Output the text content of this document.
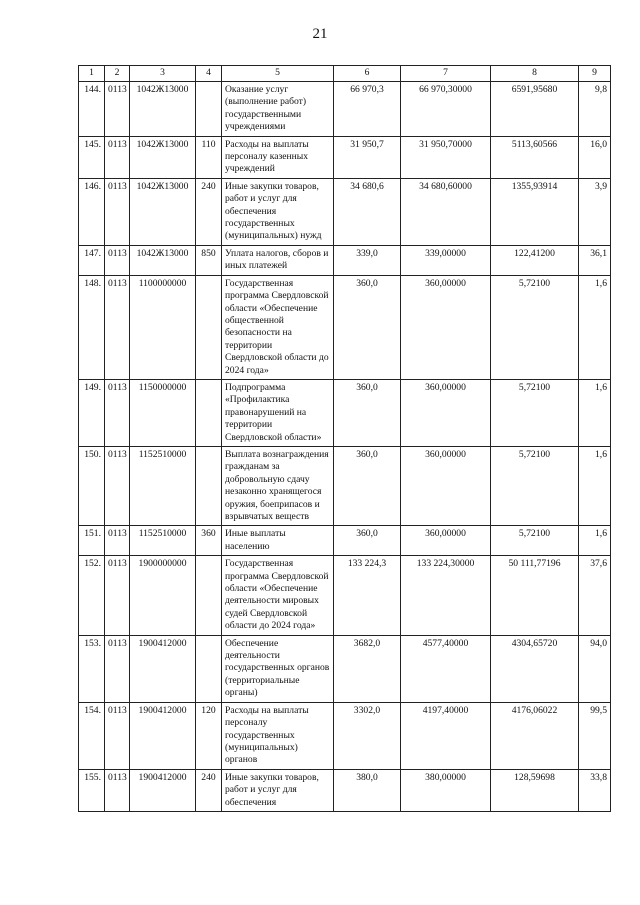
21
1	2	3	4	5	6	7	8	9
144.	0113	1042Ж13000		Оказание услуг (выполнение работ) государственными учреждениями	66 970,3	66 970,30000	6591,95680	9,8
145.	0113	1042Ж13000	110	Расходы на выплаты персоналу казенных учреждений	31 950,7	31 950,70000	5113,60566	16,0
146.	0113	1042Ж13000	240	Иные закупки товаров, работ и услуг для обеспечения государственных (муниципальных) нужд	34 680,6	34 680,60000	1355,93914	3,9
147.	0113	1042Ж13000	850	Уплата налогов, сборов и иных платежей	339,0	339,00000	122,41200	36,1
148.	0113	1100000000		Государственная программа Свердловской области «Обеспечение общественной безопасности на территории Свердловской области до 2024 года»	360,0	360,00000	5,72100	1,6
149.	0113	1150000000		Подпрограмма «Профилактика правонарушений на территории Свердловской области»	360,0	360,00000	5,72100	1,6
150.	0113	1152510000		Выплата вознаграждения гражданам за добровольную сдачу незаконно хранящегося оружия, боеприпасов и взрывчатых веществ	360,0	360,00000	5,72100	1,6
151.	0113	1152510000	360	Иные выплаты населению	360,0	360,00000	5,72100	1,6
152.	0113	1900000000		Государственная программа Свердловской области «Обеспечение деятельности мировых судей Свердловской области до 2024 года»	133 224,3	133 224,30000	50 111,77196	37,6
153.	0113	1900412000		Обеспечение деятельности государственных органов (территориальные органы)	3682,0	4577,40000	4304,65720	94,0
154.	0113	1900412000	120	Расходы на выплаты персоналу государственных (муниципальных) органов	3302,0	4197,40000	4176,06022	99,5
155.	0113	1900412000	240	Иные закупки товаров, работ и услуг для обеспечения	380,0	380,00000	128,59698	33,8
